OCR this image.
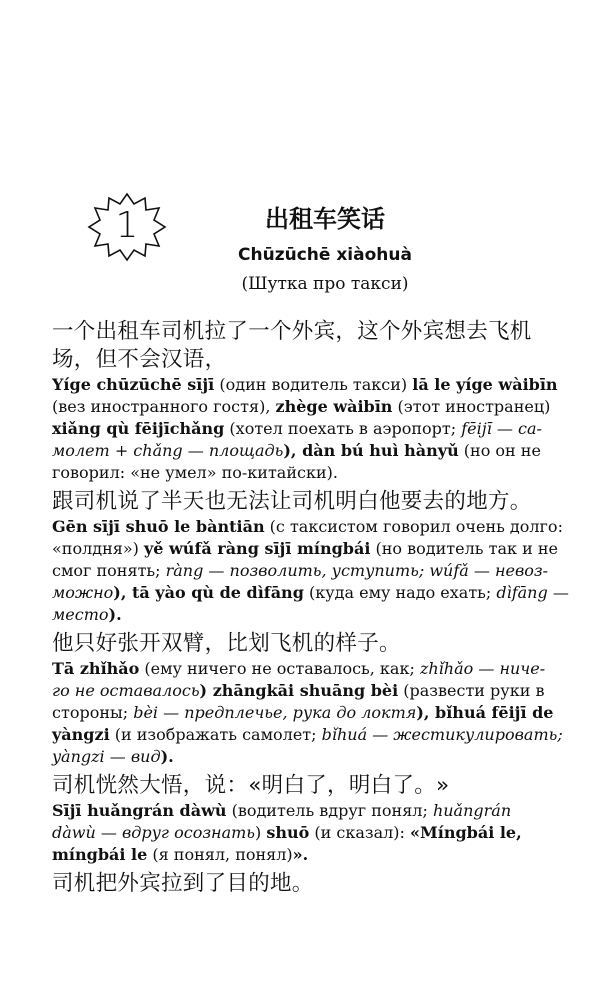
1	出租车笑话
Chūzūchē xiàohuà
(Шутка про такси)
一个出租车司机拉了一个外宾，这个外宾想去飞机
场，但不会汉语，
Yíge chūzūchē sījī (один водитель такси) lā le yíge wàibīn
(вез иностранного гостя), zhège wàibīn (этот иностранец)
xiǎng qù fēijīchǎng (хотел поехать в аэропорт; fēijī — са-
молет + chǎng — площадь), dàn bú huì hànyǔ (но он не
говорил: «не умел» по-китайски).
跟司机说了半天也无法让司机明白他要去的地方。
Gēn sījī shuō le bàntiān (с таксистом говорил очень долго:
«полдня») yě wúfǎ ràng sījī míngbái (но водитель так и не
смог понять; ràng — позволить, уступить; wúfǎ — невоз-
можно), tā yào qù de dìfāng (куда ему надо ехать; dìfāng —
место).
他只好张开双臂，比划飞机的样子。
Tā zhǐhǎo (ему ничего не оставалось, как; zhǐhǎo — ниче-
го не оставалось) zhāngkāi shuāng bèi (развести руки в
стороны; bèi — предплечье, рука до локтя), bǐhuá fēijī de
yàngzi (и изображать самолет; bǐhuá — жестикулировать;
yàngzi — вид).
司机恍然大悟，说：«明白了，明白了。»
Sījī huǎngrán dàwù (водитель вдруг понял; huǎngrán
dàwù — вдруг осознать) shuō (и сказал): «Míngbái le,
míngbái le (я понял, понял)».
司机把外宾拉到了目的地。
